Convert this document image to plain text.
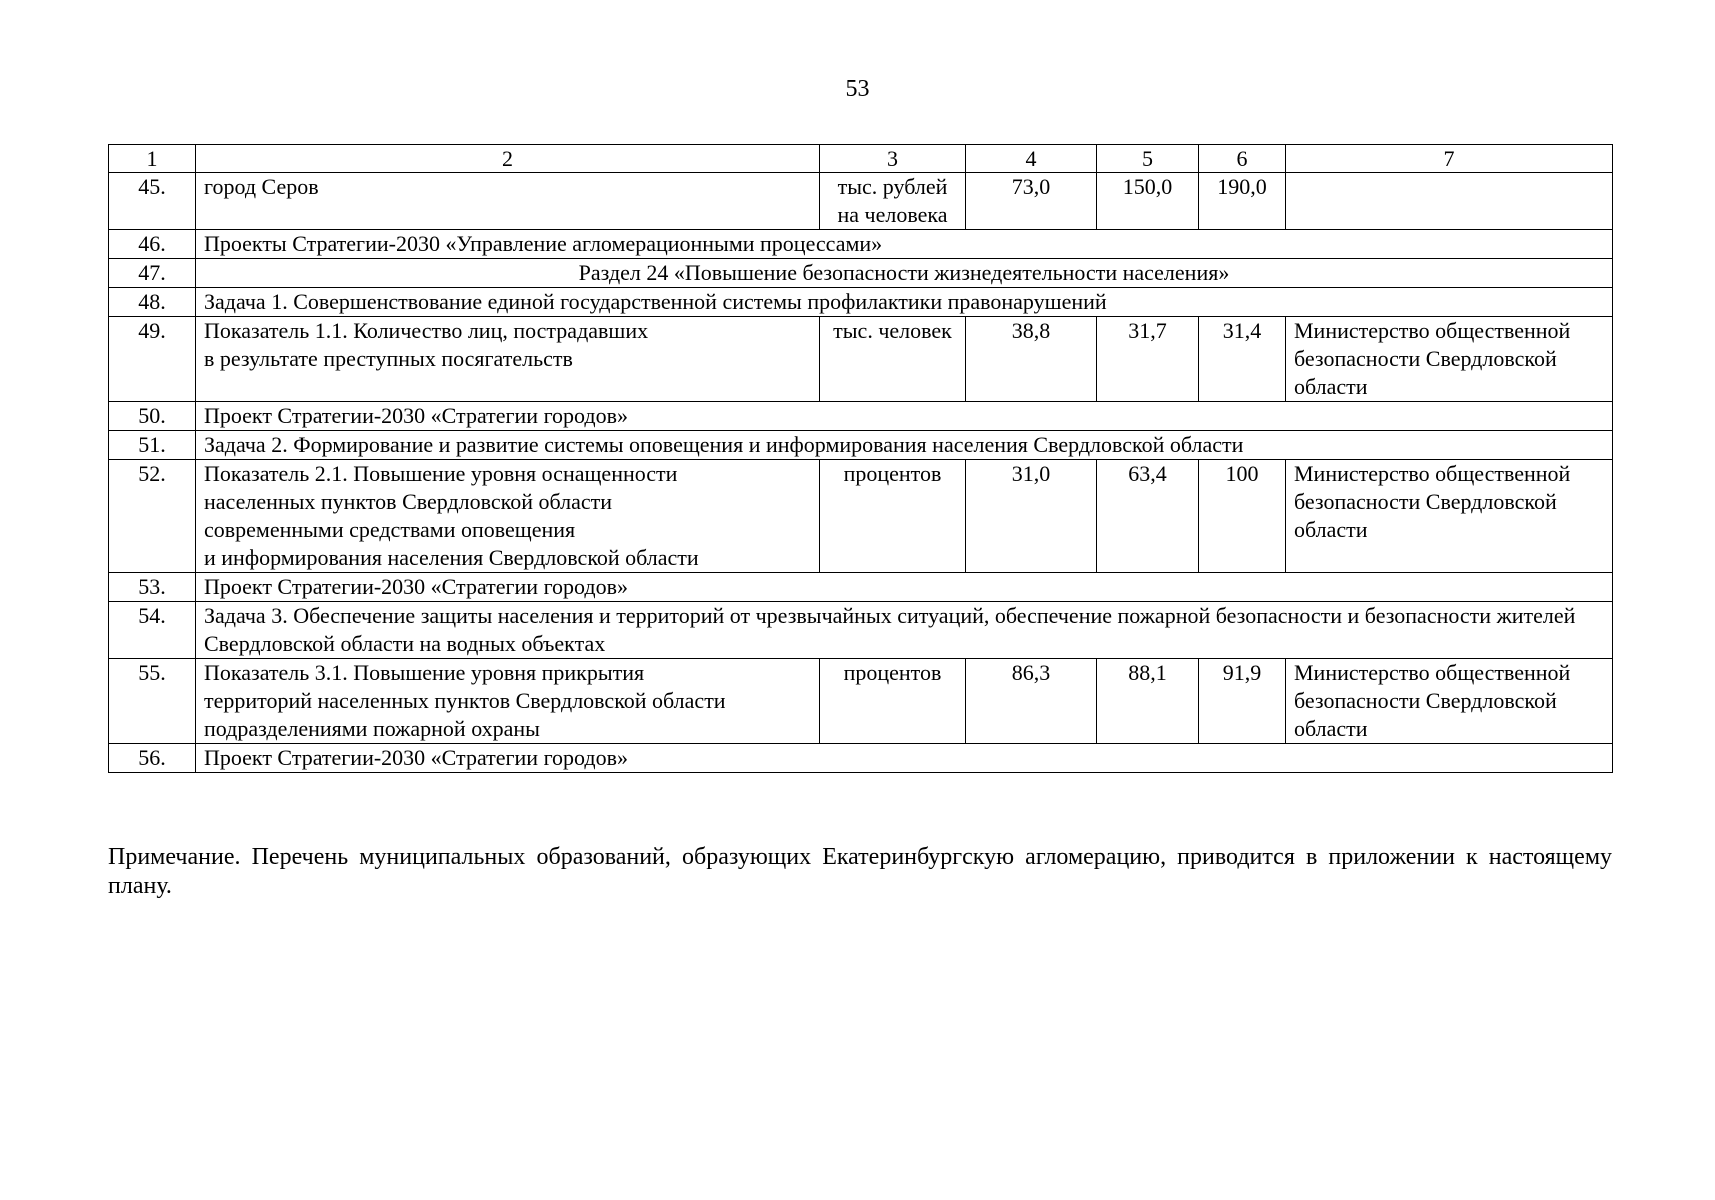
53
1	2	3	4	5	6	7
45.	город Серов	тыс. рублей на человека	73,0	150,0	190,0	
46.	Проекты Стратегии-2030 «Управление агломерационными процессами»					
47.	Раздел 24 «Повышение безопасности жизнедеятельности населения»					
48.	Задача 1. Совершенствование единой государственной системы профилактики правонарушений					
49.	Показатель 1.1. Количество лиц, пострадавших
в результате преступных посягательств	тыс. человек	38,8	31,7	31,4	Министерство общественной безопасности Свердловской области
50.	Проект Стратегии-2030 «Стратегии городов»					
51.	Задача 2. Формирование и развитие системы оповещения и информирования населения Свердловской области					
52.	Показатель 2.1. Повышение уровня оснащенности
населенных пунктов Свердловской области
современными средствами оповещения
и информирования населения Свердловской области	процентов	31,0	63,4	100	Министерство общественной безопасности Свердловской области
53.	Проект Стратегии-2030 «Стратегии городов»					
54.	Задача 3. Обеспечение защиты населения и территорий от чрезвычайных ситуаций, обеспечение пожарной безопасности и безопасности жителей Свердловской области на водных объектах					
55.	Показатель 3.1. Повышение уровня прикрытия
территорий населенных пунктов Свердловской области
подразделениями пожарной охраны	процентов	86,3	88,1	91,9	Министерство общественной безопасности Свердловской области
56.	Проект Стратегии-2030 «Стратегии городов»					
Примечание. Перечень муниципальных образований, образующих Екатеринбургскую агломерацию, приводится в приложении к настоящему плану.
